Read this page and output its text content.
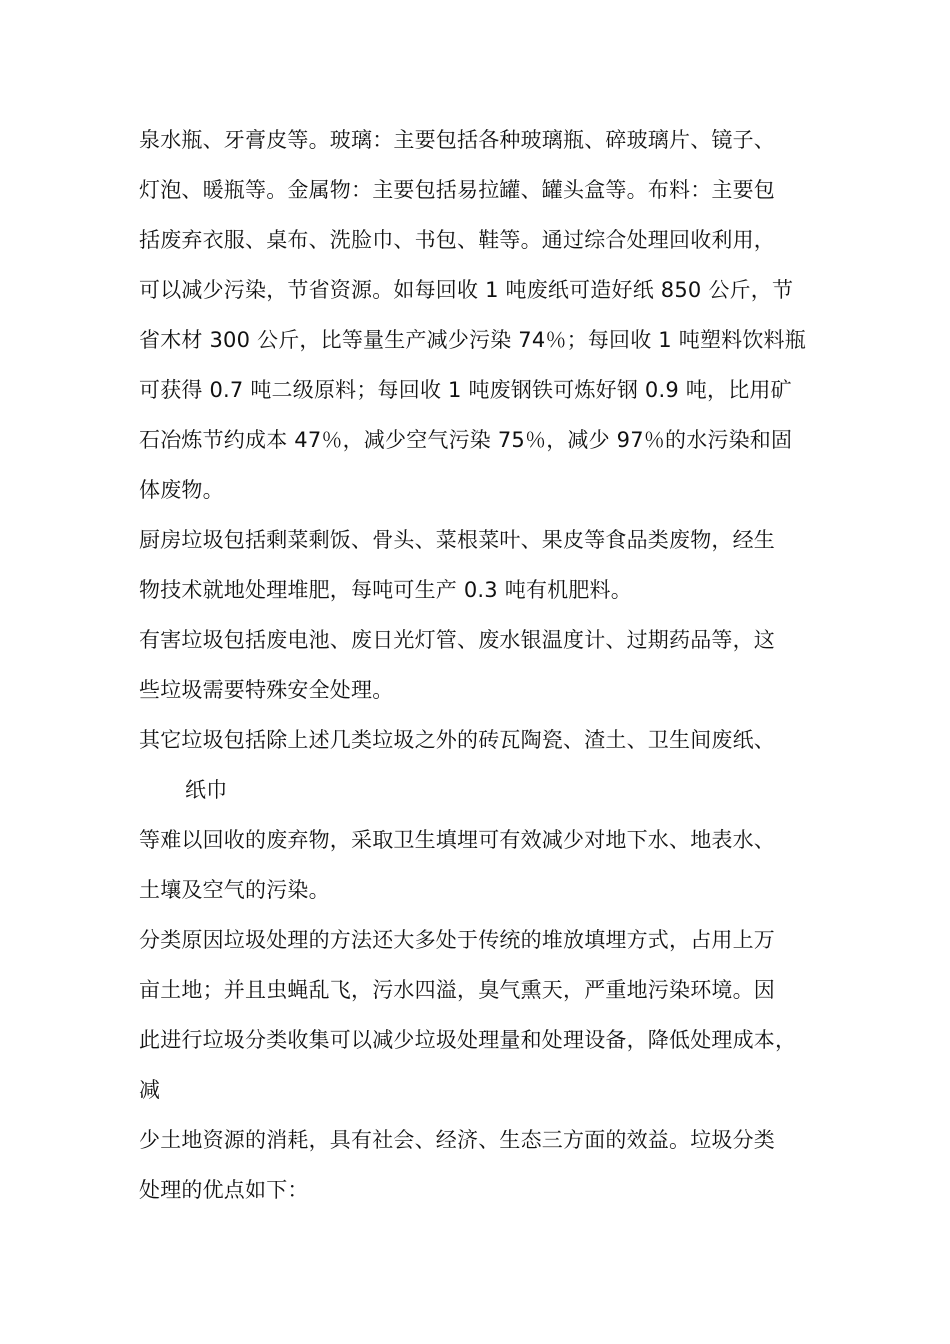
泉水瓶、牙膏皮等。玻璃：主要包括各种玻璃瓶、碎玻璃片、镜子、
灯泡、暖瓶等。金属物：主要包括易拉罐、罐头盒等。布料：主要包
括废弃衣服、桌布、洗脸巾、书包、鞋等。通过综合处理回收利用，
可以减少污染，节省资源。如每回收 1 吨废纸可造好纸 850 公斤，节
省木材 300 公斤，比等量生产减少污染 74％；每回收 1 吨塑料饮料瓶
可获得 0.7 吨二级原料；每回收 1 吨废钢铁可炼好钢 0.9 吨，比用矿
石冶炼节约成本 47％，减少空气污染 75％，减少 97％的水污染和固
体废物。
厨房垃圾包括剩菜剩饭、骨头、菜根菜叶、果皮等食品类废物，经生
物技术就地处理堆肥，每吨可生产 0.3 吨有机肥料。
有害垃圾包括废电池、废日光灯管、废水银温度计、过期药品等，这
些垃圾需要特殊安全处理。
其它垃圾包括除上述几类垃圾之外的砖瓦陶瓷、渣土、卫生间废纸、
纸巾
等难以回收的废弃物，采取卫生填埋可有效减少对地下水、地表水、
土壤及空气的污染。
分类原因垃圾处理的方法还大多处于传统的堆放填埋方式，占用上万
亩土地；并且虫蝇乱飞，污水四溢，臭气熏天，严重地污染环境。因
此进行垃圾分类收集可以减少垃圾处理量和处理设备，降低处理成本，
减
少土地资源的消耗，具有社会、经济、生态三方面的效益。垃圾分类
处理的优点如下：
